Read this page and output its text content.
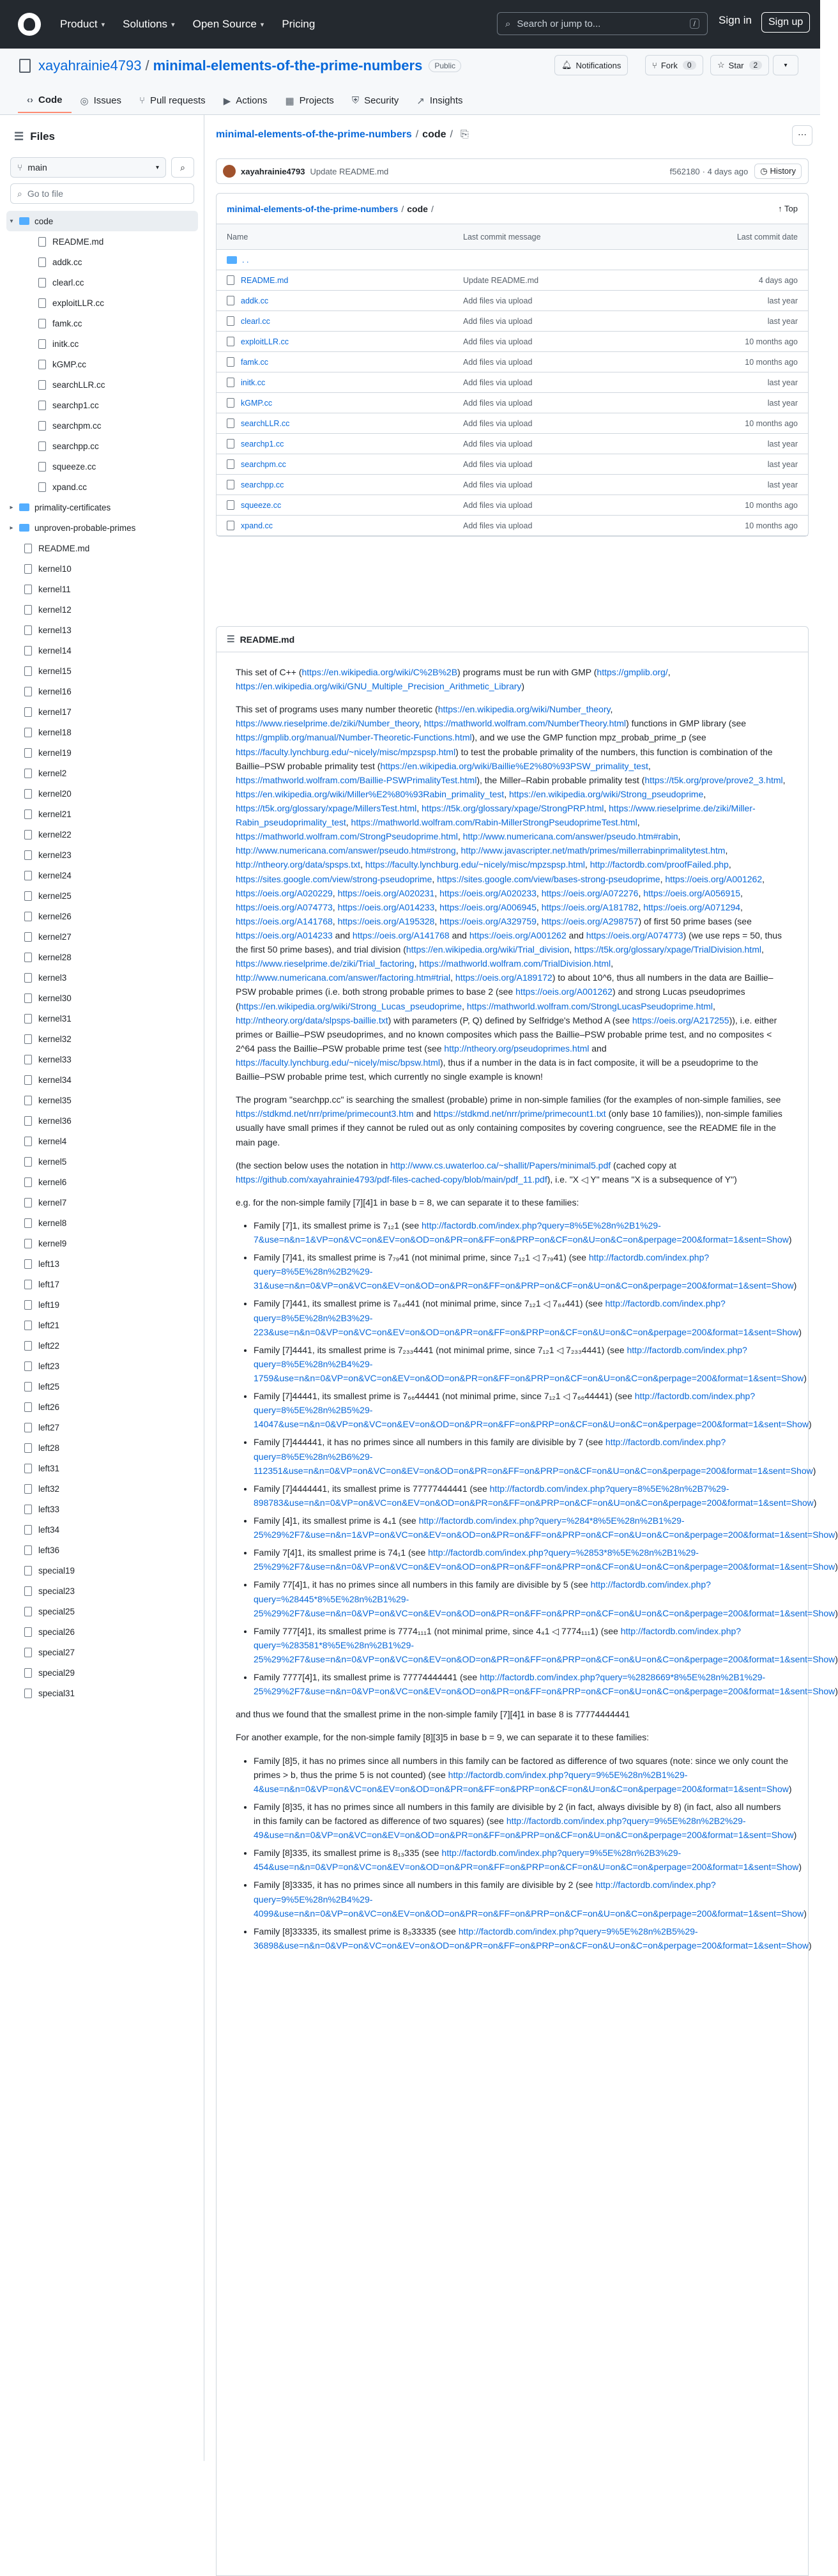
Product ▾ Solutions ▾ Open Source ▾ Pricing	⌕ Search or jump to...	/	Sign in	Sign up
xayahrainie4793 / minimal-elements-of-the-prime-numbers	Public	🔔︎ Notifications	⑂ Fork	0	☆ Star	2	▾
‹› Code ◎ Issues ⑂ Pull requests ▶ Actions ▦ Projects ⛨ Security ↗ Insights
☰ Files
⑂ main	▾ ⌕
⌕ Go to file
▾	code
README.md
addk.cc
clearl.cc
exploitLLR.cc
famk.cc
initk.cc
kGMP.cc
searchLLR.cc
searchp1.cc
searchpm.cc
searchpp.cc
squeeze.cc
xpand.cc
▸	primality-certificates
▸	unproven-probable-primes
README.md
kernel10
kernel11
kernel12
kernel13
kernel14
kernel15
kernel16
kernel17
kernel18
kernel19
kernel2
kernel20
kernel21
kernel22
kernel23
kernel24
kernel25
kernel26
kernel27
kernel28
kernel3
kernel30
kernel31
kernel32
kernel33
kernel34
kernel35
kernel36
kernel4
kernel5
kernel6
kernel7
kernel8
kernel9
left13
left17
left19
left21
left22
left23
left25
left26
left27
left28
left31
left32
left33
left34
left36
special19
special23
special25
special26
special27
special29
special31
minimal-elements-of-the-prime-numbers / code / ⎘	⋯
xayahrainie4793 Update README.md	f562180 · 4 days ago	◷ History
minimal-elements-of-the-prime-numbers / code /	↑ Top
Name	Last commit message	Last commit date
. .
README.md	Update README.md	4 days ago
addk.cc	Add files via upload	last year
clearl.cc	Add files via upload	last year
exploitLLR.cc	Add files via upload	10 months ago
famk.cc	Add files via upload	10 months ago
initk.cc	Add files via upload	last year
kGMP.cc	Add files via upload	last year
searchLLR.cc	Add files via upload	10 months ago
searchp1.cc	Add files via upload	last year
searchpm.cc	Add files via upload	last year
searchpp.cc	Add files via upload	last year
squeeze.cc	Add files via upload	10 months ago
xpand.cc	Add files via upload	10 months ago
☰ README.md

This set of C++ (https://en.wikipedia.org/wiki/C%2B%2B) programs must be run with GMP (https://gmplib.org/, https://en.wikipedia.org/wiki/GNU_Multiple_Precision_Arithmetic_Library)

This set of programs uses many number theoretic (https://en.wikipedia.org/wiki/Number_theory, https://www.rieselprime.de/ziki/Number_theory, https://mathworld.wolfram.com/NumberTheory.html) functions in GMP library (see https://gmplib.org/manual/Number-Theoretic-Functions.html), and we use the GMP function mpz_probab_prime_p (see https://faculty.lynchburg.edu/~nicely/misc/mpzspsp.html) to test the probable primality of the numbers, this function is combination of the Baillie–PSW probable primality test (https://en.wikipedia.org/wiki/Baillie%E2%80%93PSW_primality_test, https://mathworld.wolfram.com/Baillie-PSWPrimalityTest.html), the Miller–Rabin probable primality test (https://t5k.org/prove/prove2_3.html, https://en.wikipedia.org/wiki/Miller%E2%80%93Rabin_primality_test, https://en.wikipedia.org/wiki/Strong_pseudoprime, https://t5k.org/glossary/xpage/MillersTest.html, https://t5k.org/glossary/xpage/StrongPRP.html, https://www.rieselprime.de/ziki/Miller-Rabin_pseudoprimality_test, https://mathworld.wolfram.com/Rabin-MillerStrongPseudoprimeTest.html, https://mathworld.wolfram.com/StrongPseudoprime.html, http://www.numericana.com/answer/pseudo.htm#rabin, http://www.numericana.com/answer/pseudo.htm#strong, http://www.javascripter.net/math/primes/millerrabinprimalitytest.htm, http://ntheory.org/data/spsps.txt, https://faculty.lynchburg.edu/~nicely/misc/mpzspsp.html, http://factordb.com/proofFailed.php, https://sites.google.com/view/strong-pseudoprime, https://sites.google.com/view/bases-strong-pseudoprime, https://oeis.org/A001262, https://oeis.org/A020229, https://oeis.org/A020231, https://oeis.org/A020233, https://oeis.org/A072276, https://oeis.org/A056915, https://oeis.org/A074773, https://oeis.org/A014233, https://oeis.org/A006945, https://oeis.org/A181782, https://oeis.org/A071294, https://oeis.org/A141768, https://oeis.org/A195328, https://oeis.org/A329759, https://oeis.org/A298757) of first 50 prime bases (see https://oeis.org/A014233 and https://oeis.org/A141768 and https://oeis.org/A001262 and https://oeis.org/A074773) (we use reps = 50, thus the first 50 prime bases), and trial division (https://en.wikipedia.org/wiki/Trial_division, https://t5k.org/glossary/xpage/TrialDivision.html, https://www.rieselprime.de/ziki/Trial_factoring, https://mathworld.wolfram.com/TrialDivision.html, http://www.numericana.com/answer/factoring.htm#trial, https://oeis.org/A189172) to about 10^6, thus all numbers in the data are Baillie–PSW probable primes (i.e. both strong probable primes to base 2 (see https://oeis.org/A001262) and strong Lucas pseudoprimes (https://en.wikipedia.org/wiki/Strong_Lucas_pseudoprime, https://mathworld.wolfram.com/StrongLucasPseudoprime.html, http://ntheory.org/data/slpsps-baillie.txt) with parameters (P, Q) defined by Selfridge's Method A (see https://oeis.org/A217255)), i.e. either primes or Baillie–PSW pseudoprimes, and no known composites which pass the Baillie–PSW probable prime test, and no composites < 2^64 pass the Baillie–PSW probable prime test (see http://ntheory.org/pseudoprimes.html and https://faculty.lynchburg.edu/~nicely/misc/bpsw.html), thus if a number in the data is in fact composite, it will be a pseudoprime to the Baillie–PSW probable prime test, which currently no single example is known!

The program "searchpp.cc" is searching the smallest (probable) prime in non-simple families (for the examples of non-simple families, see https://stdkmd.net/nrr/prime/primecount3.htm and https://stdkmd.net/nrr/prime/primecount1.txt (only base 10 families)), non-simple families usually have small primes if they cannot be ruled out as only containing composites by covering congruence, see the README file in the main page.

(the section below uses the notation in http://www.cs.uwaterloo.ca/~shallit/Papers/minimal5.pdf (cached copy at https://github.com/xayahrainie4793/pdf-files-cached-copy/blob/main/pdf_11.pdf), i.e. "X ◁ Y" means "X is a subsequence of Y")

e.g. for the non-simple family [7][4]1 in base b = 8, we can separate it to these families:

• Family [7]1, its smallest prime is 7₁₂1 (see http://factordb.com/index.php?query=8%5E%28n%2B1%29-7&use=n&n=1&VP=on&VC=on&EV=on&OD=on&PR=on&FF=on&PRP=on&CF=on&U=on&C=on&perpage=200&format=1&sent=Show)
• Family [7]41, its smallest prime is 7₇₉41 (not minimal prime, since 7₁₂1 ◁ 7₇₉41) (see http://factordb.com/index.php?query=8%5E%28n%2B2%29-31&use=n&n=0&VP=on&VC=on&EV=on&OD=on&PR=on&FF=on&PRP=on&CF=on&U=on&C=on&perpage=200&format=1&sent=Show)
• Family [7]441, its smallest prime is 7₈₄441 (not minimal prime, since 7₁₂1 ◁ 7₈₄441) (see http://factordb.com/index.php?query=8%5E%28n%2B3%29-223&use=n&n=0&VP=on&VC=on&EV=on&OD=on&PR=on&FF=on&PRP=on&CF=on&U=on&C=on&perpage=200&format=1&sent=Show)
• Family [7]4441, its smallest prime is 7₂₃₃4441 (not minimal prime, since 7₁₂1 ◁ 7₂₃₃4441) (see http://factordb.com/index.php?query=8%5E%28n%2B4%29-1759&use=n&n=0&VP=on&VC=on&EV=on&OD=on&PR=on&FF=on&PRP=on&CF=on&U=on&C=on&perpage=200&format=1&sent=Show)
• Family [7]44441, its smallest prime is 7₆₆44441 (not minimal prime, since 7₁₂1 ◁ 7₆₆44441) (see http://factordb.com/index.php?query=8%5E%28n%2B5%29-14047&use=n&n=0&VP=on&VC=on&EV=on&OD=on&PR=on&FF=on&PRP=on&CF=on&U=on&C=on&perpage=200&format=1&sent=Show)
• Family [7]444441, it has no primes since all numbers in this family are divisible by 7 (see http://factordb.com/index.php?query=8%5E%28n%2B6%29-112351&use=n&n=0&VP=on&VC=on&EV=on&OD=on&PR=on&FF=on&PRP=on&CF=on&U=on&C=on&perpage=200&format=1&sent=Show)
• Family [7]4444441, its smallest prime is 77777444441 (see http://factordb.com/index.php?query=8%5E%28n%2B7%29-898783&use=n&n=0&VP=on&VC=on&EV=on&OD=on&PR=on&FF=on&PRP=on&CF=on&U=on&C=on&perpage=200&format=1&sent=Show)
• Family [4]1, its smallest prime is 4₄1 (see http://factordb.com/index.php?query=%284*8%5E%28n%2B1%29-25%29%2F7&use=n&n=1&VP=on&VC=on&EV=on&OD=on&PR=on&FF=on&PRP=on&CF=on&U=on&C=on&perpage=200&format=1&sent=Show)
• Family 7[4]1, its smallest prime is 74₁1 (see http://factordb.com/index.php?query=%2853*8%5E%28n%2B1%29-25%29%2F7&use=n&n=0&VP=on&VC=on&EV=on&OD=on&PR=on&FF=on&PRP=on&CF=on&U=on&C=on&perpage=200&format=1&sent=Show)
• Family 77[4]1, it has no primes since all numbers in this family are divisible by 5 (see http://factordb.com/index.php?query=%28445*8%5E%28n%2B1%29-25%29%2F7&use=n&n=0&VP=on&VC=on&EV=on&OD=on&PR=on&FF=on&PRP=on&CF=on&U=on&C=on&perpage=200&format=1&sent=Show)
• Family 777[4]1, its smallest prime is 7774₁₁₁1 (not minimal prime, since 4₄1 ◁ 7774₁₁₁1) (see http://factordb.com/index.php?query=%283581*8%5E%28n%2B1%29-25%29%2F7&use=n&n=0&VP=on&VC=on&EV=on&OD=on&PR=on&FF=on&PRP=on&CF=on&U=on&C=on&perpage=200&format=1&sent=Show)
• Family 7777[4]1, its smallest prime is 77774444441 (see http://factordb.com/index.php?query=%2828669*8%5E%28n%2B1%29-25%29%2F7&use=n&n=0&VP=on&VC=on&EV=on&OD=on&PR=on&FF=on&PRP=on&CF=on&U=on&C=on&perpage=200&format=1&sent=Show)

and thus we found that the smallest prime in the non-simple family [7][4]1 in base 8 is 77774444441

For another example, for the non-simple family [8][3]5 in base b = 9, we can separate it to these families:

• Family [8]5, it has no primes since all numbers in this family can be factored as difference of two squares (note: since we only count the primes > b, thus the prime 5 is not counted) (see http://factordb.com/index.php?query=9%5E%28n%2B1%29-4&use=n&n=0&VP=on&VC=on&EV=on&OD=on&PR=on&FF=on&PRP=on&CF=on&U=on&C=on&perpage=200&format=1&sent=Show)
• Family [8]35, it has no primes since all numbers in this family are divisible by 2 (in fact, always divisible by 8) (in fact, also all numbers in this family can be factored as difference of two squares) (see http://factordb.com/index.php?query=9%5E%28n%2B2%29-49&use=n&n=0&VP=on&VC=on&EV=on&OD=on&PR=on&FF=on&PRP=on&CF=on&U=on&C=on&perpage=200&format=1&sent=Show)
• Family [8]335, its smallest prime is 8₁₃335 (see http://factordb.com/index.php?query=9%5E%28n%2B3%29-454&use=n&n=0&VP=on&VC=on&EV=on&OD=on&PR=on&FF=on&PRP=on&CF=on&U=on&C=on&perpage=200&format=1&sent=Show)
• Family [8]3335, it has no primes since all numbers in this family are divisible by 2 (see http://factordb.com/index.php?query=9%5E%28n%2B4%29-4099&use=n&n=0&VP=on&VC=on&EV=on&OD=on&PR=on&FF=on&PRP=on&CF=on&U=on&C=on&perpage=200&format=1&sent=Show)
• Family [8]33335, its smallest prime is 8₃33335 (see http://factordb.com/index.php?query=9%5E%28n%2B5%29-36898&use=n&n=0&VP=on&VC=on&EV=on&OD=on&PR=on&FF=on&PRP=on&CF=on&U=on&C=on&perpage=200&format=1&sent=Show)
